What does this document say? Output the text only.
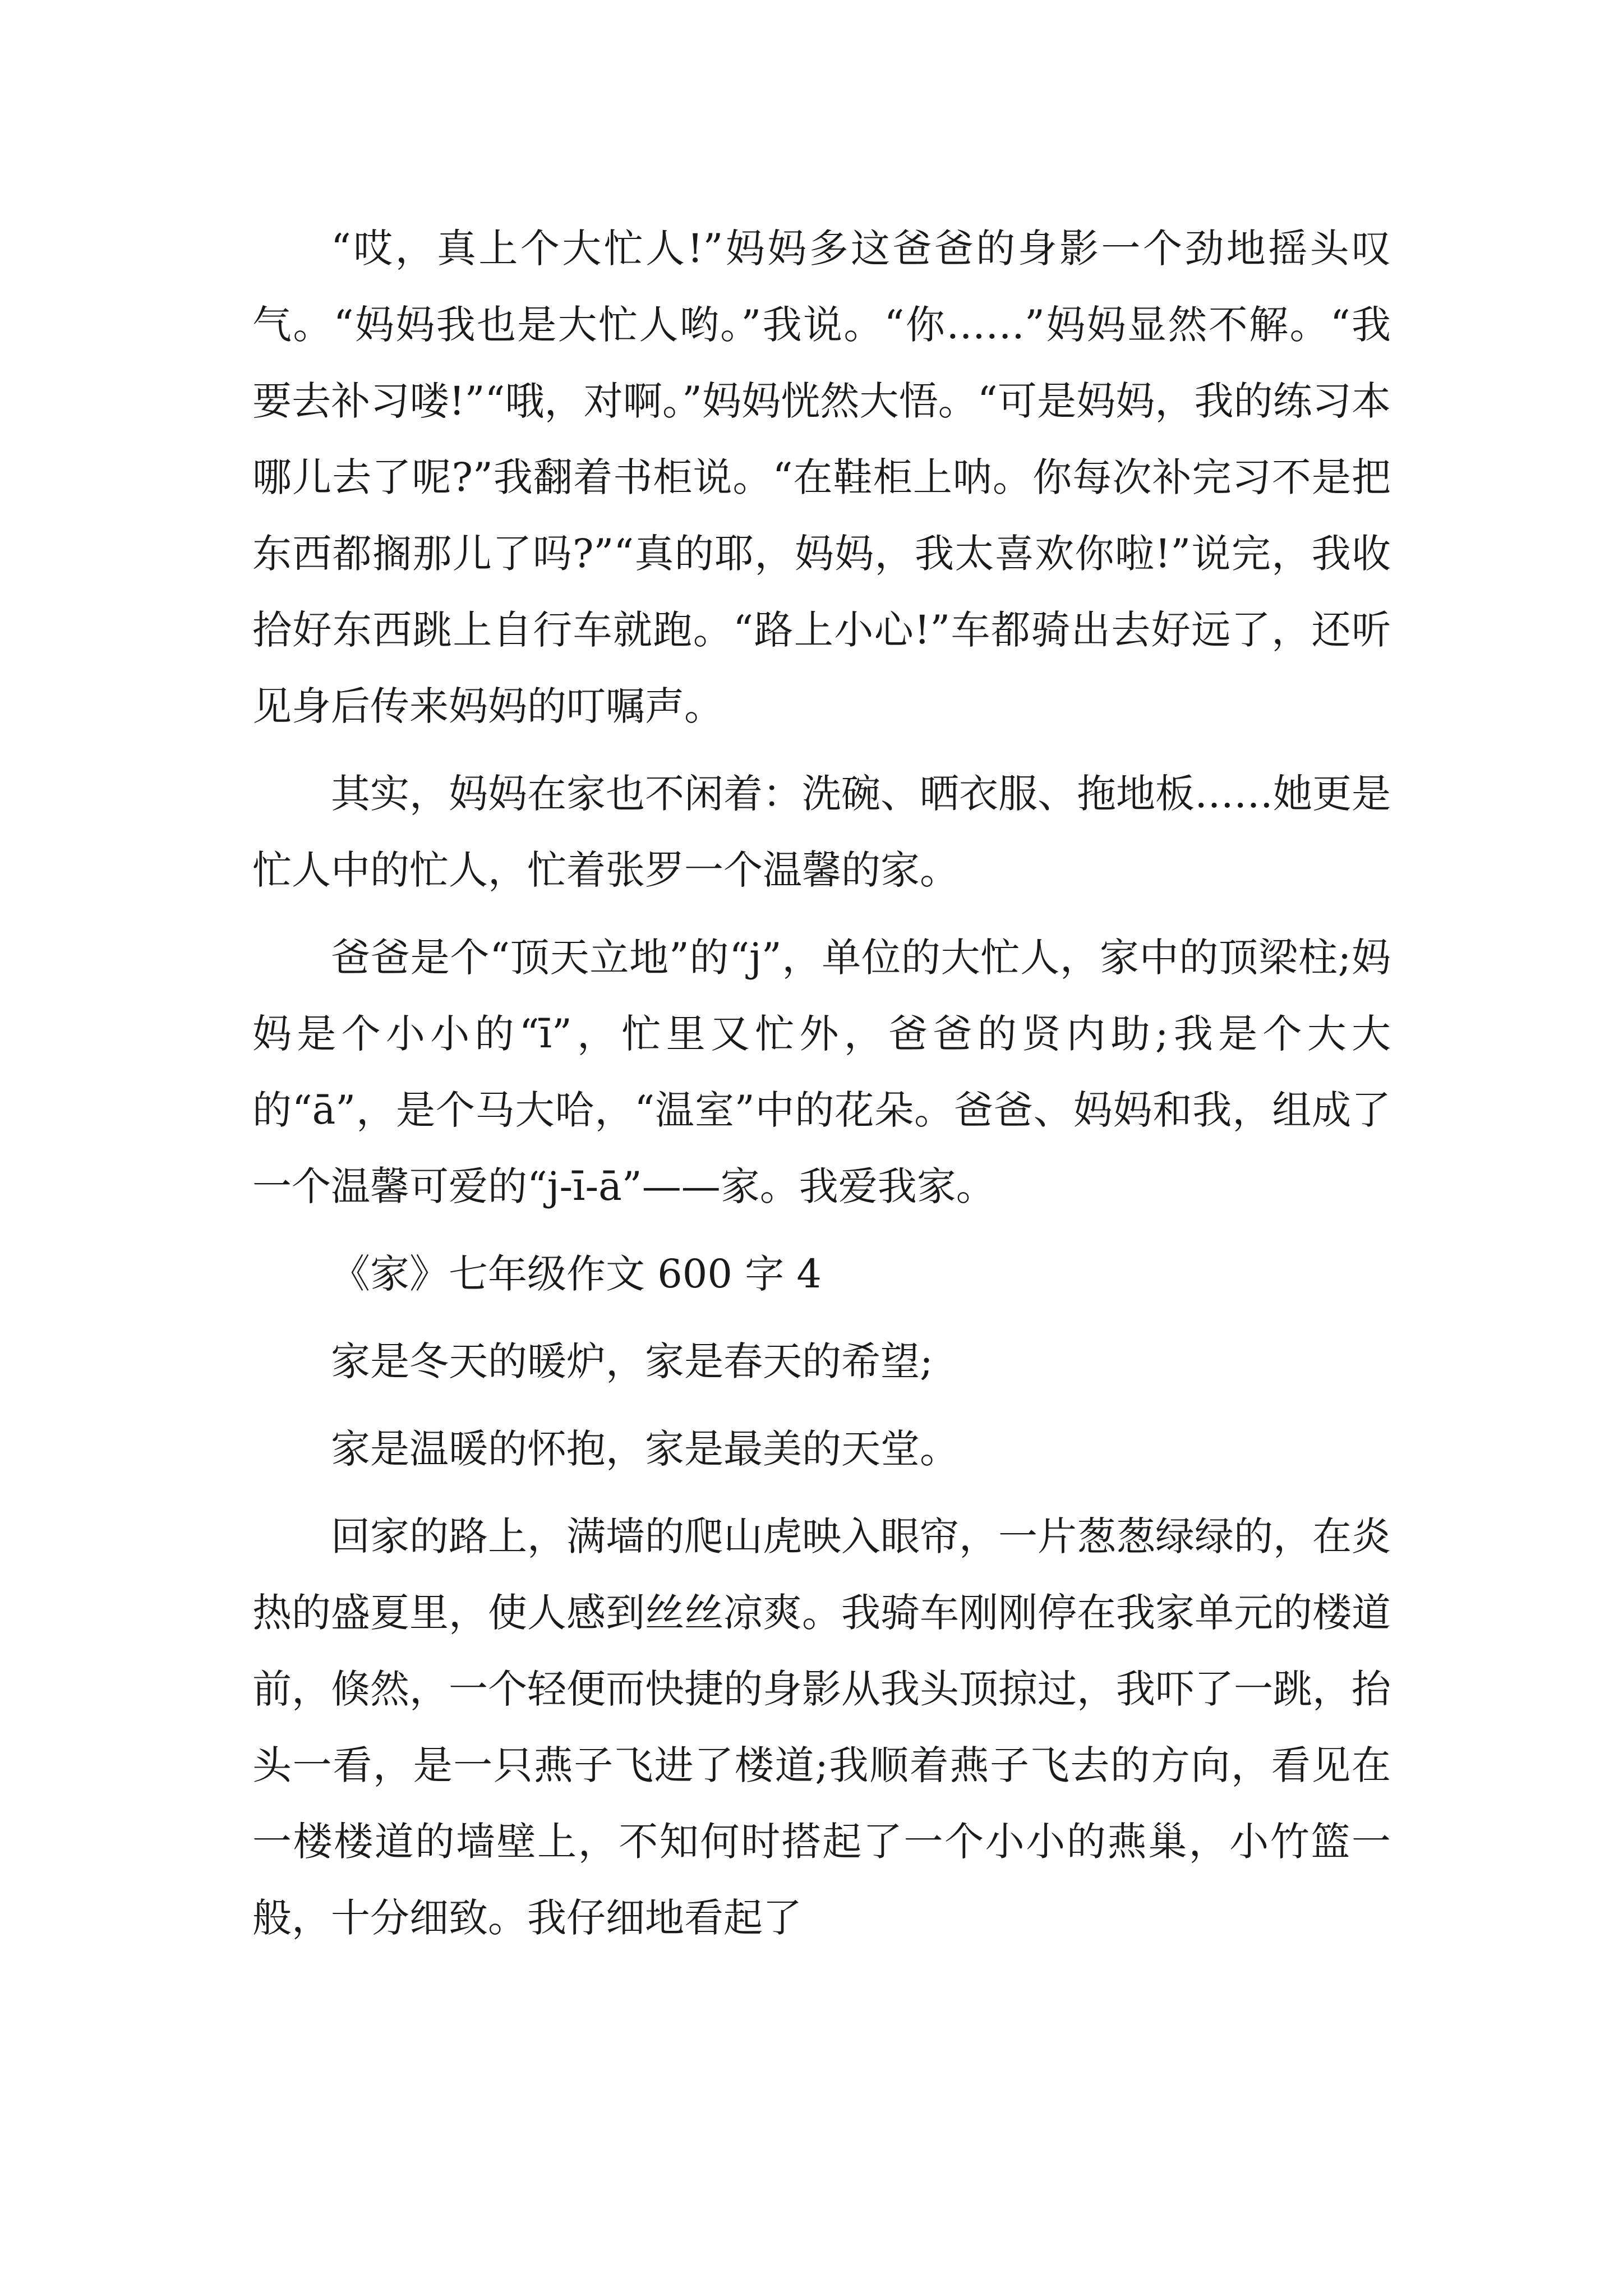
“哎，真上个大忙人!”妈妈多这爸爸的身影一个劲地摇头叹气。“妈妈我也是大忙人哟。”我说。“你……”妈妈显然不解。“我要去补习喽!”“哦，对啊。”妈妈恍然大悟。“可是妈妈，我的练习本哪儿去了呢?”我翻着书柜说。“在鞋柜上呐。你每次补完习不是把东西都搁那儿了吗?”“真的耶，妈妈，我太喜欢你啦!”说完，我收拾好东西跳上自行车就跑。“路上小心!”车都骑出去好远了，还听见身后传来妈妈的叮嘱声。

其实，妈妈在家也不闲着：洗碗、晒衣服、拖地板……她更是忙人中的忙人，忙着张罗一个温馨的家。

爸爸是个“顶天立地”的“j”，单位的大忙人，家中的顶梁柱;妈妈是个小小的“ī”，忙里又忙外，爸爸的贤内助;我是个大大的“ā”，是个马大哈，“温室”中的花朵。爸爸、妈妈和我，组成了一个温馨可爱的“j-ī-ā”——家。我爱我家。

《家》七年级作文 600 字 4

家是冬天的暖炉，家是春天的希望;

家是温暖的怀抱，家是最美的天堂。

回家的路上，满墙的爬山虎映入眼帘，一片葱葱绿绿的，在炎热的盛夏里，使人感到丝丝凉爽。我骑车刚刚停在我家单元的楼道前，倏然，一个轻便而快捷的身影从我头顶掠过，我吓了一跳，抬头一看，是一只燕子飞进了楼道;我顺着燕子飞去的方向，看见在一楼楼道的墙壁上，不知何时搭起了一个小小的燕巢，小竹篮一般，十分细致。我仔细地看起了
